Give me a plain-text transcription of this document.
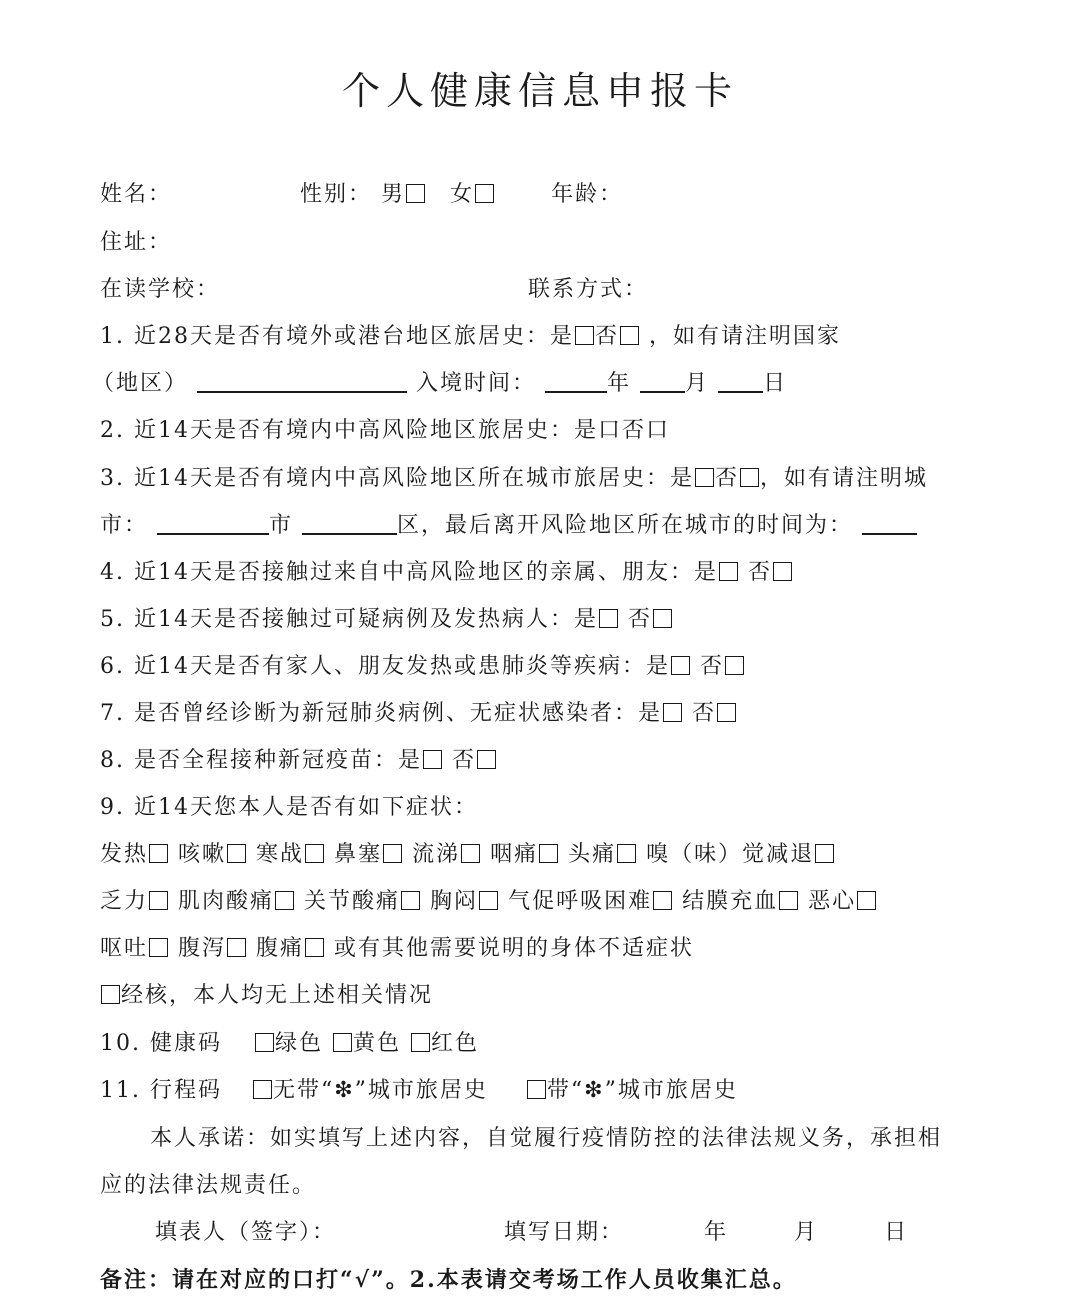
个人健康信息申报卡
姓名：	性别： 男 女	年龄：
住址：
在读学校：	联系方式：
1. 近28天是否有境外或港台地区旅居史：是 否 ，如有请注明国家
（地区）	入境时间：	年 月 日
2. 近14天是否有境内中高风险地区旅居史：是口否口
3. 近14天是否有境内中高风险地区所在城市旅居史：是 否 ，如有请注明城
市：	市	区，最后离开风险地区所在城市的时间为：
4. 近14天是否接触过来自中高风险地区的亲属、朋友：是 否
5. 近14天是否接触过可疑病例及发热病人：是 否
6. 近14天是否有家人、朋友发热或患肺炎等疾病：是 否
7. 是否曾经诊断为新冠肺炎病例、无症状感染者：是 否
8. 是否全程接种新冠疫苗：是 否
9. 近14天您本人是否有如下症状：
发热 咳嗽 寒战 鼻塞 流涕 咽痛 头痛 嗅（味）觉减退
乏力 肌肉酸痛 关节酸痛 胸闷 气促呼吸困难 结膜充血 恶心
呕吐 腹泻 腹痛 或有其他需要说明的身体不适症状
经核，本人均无上述相关情况
10. 健康码 绿色 黄色 红色
11. 行程码 无带“❇”城市旅居史	带“❇”城市旅居史
本人承诺：如实填写上述内容，自觉履行疫情防控的法律法规义务，承担相
应的法律法规责任。
填表人（签字）：	填写日期：	年	月	日
备注：请在对应的口打“√”。2.本表请交考场工作人员收集汇总。
